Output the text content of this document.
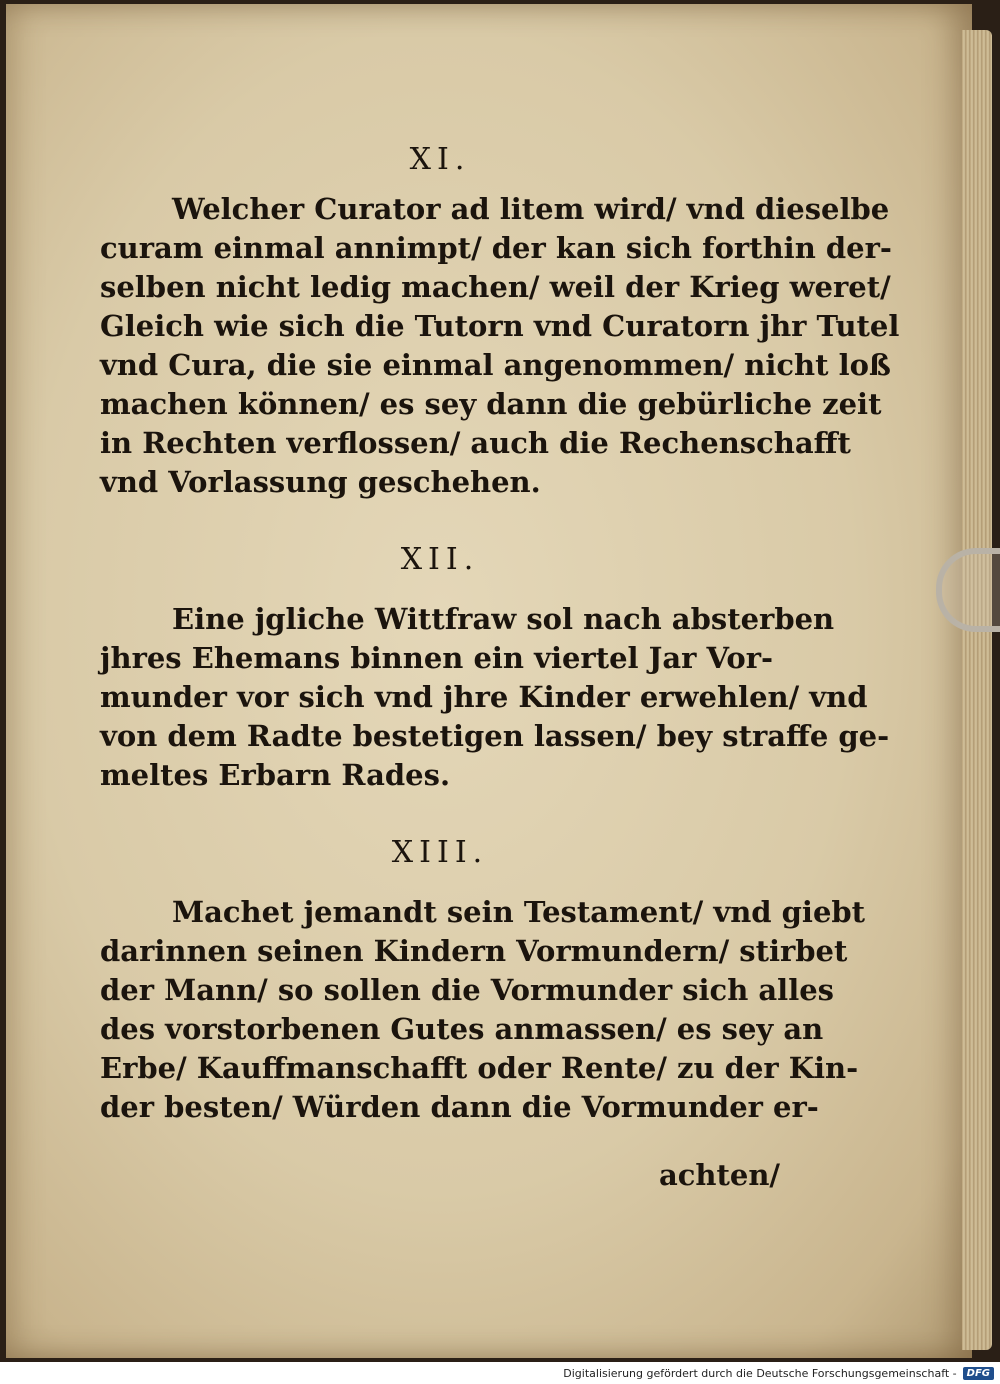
XI.

Welcher Curator ad litem wird/ vnd dieselbe
curam einmal annimpt/ der kan sich forthin der-
selben nicht ledig machen/ weil der Krieg weret/
Gleich wie sich die Tutorn vnd Curatorn jhr Tutel
vnd Cura, die sie einmal angenommen/ nicht loß
machen können/ es sey dann die gebürliche zeit
in Rechten verflossen/ auch die Rechenschafft
vnd Vorlassung geschehen.

XII.

Eine jgliche Wittfraw sol nach absterben
jhres Ehemans binnen ein viertel Jar Vor-
munder vor sich vnd jhre Kinder erwehlen/ vnd
von dem Radte bestetigen lassen/ bey straffe ge-
meltes Erbarn Rades.

XIII.

Machet jemandt sein Testament/ vnd giebt
darinnen seinen Kindern Vormundern/ stirbet
der Mann/ so sollen die Vormunder sich alles
des vorstorbenen Gutes anmassen/ es sey an
Erbe/ Kauffmanschafft oder Rente/ zu der Kin-
der besten/ Würden dann die Vormunder er-

achten/

Digitalisierung gefördert durch die Deutsche Forschungsgemeinschaft -	DFG
